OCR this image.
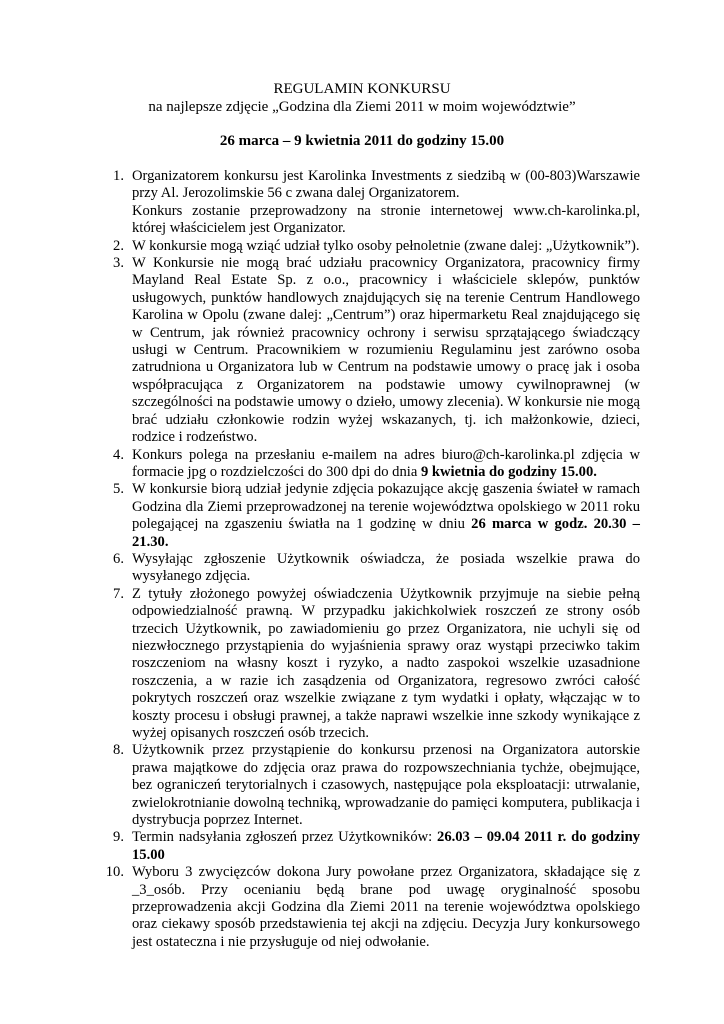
REGULAMIN KONKURSU
na najlepsze zdjęcie „Godzina dla Ziemi 2011 w moim województwie”
26 marca – 9 kwietnia 2011 do godziny 15.00
1. Organizatorem konkursu jest Karolinka Investments z siedzibą w (00-803)Warszawie przy Al. Jerozolimskie 56 c zwana dalej Organizatorem.
Konkurs zostanie przeprowadzony na stronie internetowej www.ch-karolinka.pl, której właścicielem jest Organizator.
2. W konkursie mogą wziąć udział tylko osoby pełnoletnie (zwane dalej: „Użytkownik”).
3. W Konkursie nie mogą brać udziału pracownicy Organizatora, pracownicy firmy Mayland Real Estate Sp. z o.o., pracownicy i właściciele sklepów, punktów usługowych, punktów handlowych znajdujących się na terenie Centrum Handlowego Karolina w Opolu (zwane dalej: „Centrum”) oraz hipermarketu Real znajdującego się w Centrum, jak również pracownicy ochrony i serwisu sprzątającego świadczący usługi w Centrum. Pracownikiem w rozumieniu Regulaminu jest zarówno osoba zatrudniona u Organizatora lub w Centrum na podstawie umowy o pracę jak i osoba współpracująca z Organizatorem na podstawie umowy cywilnoprawnej (w szczególności na podstawie umowy o dzieło, umowy zlecenia). W konkursie nie mogą brać udziału członkowie rodzin wyżej wskazanych, tj. ich małżonkowie, dzieci, rodzice i rodzeństwo.
4. Konkurs polega na przesłaniu e-mailem na adres biuro@ch-karolinka.pl zdjęcia w formacie jpg o rozdzielczości do 300 dpi do dnia 9 kwietnia do godziny 15.00.
5. W konkursie biorą udział jedynie zdjęcia pokazujące akcję gaszenia świateł w ramach Godzina dla Ziemi przeprowadzonej na terenie województwa opolskiego w 2011 roku polegającej na zgaszeniu światła na 1 godzinę w dniu 26 marca w godz. 20.30 – 21.30.
6. Wysyłając zgłoszenie Użytkownik oświadcza, że posiada wszelkie prawa do wysyłanego zdjęcia.
7. Z tytuły złożonego powyżej oświadczenia Użytkownik przyjmuje na siebie pełną odpowiedzialność prawną. W przypadku jakichkolwiek roszczeń ze strony osób trzecich Użytkownik, po zawiadomieniu go przez Organizatora, nie uchyli się od niezwłocznego przystąpienia do wyjaśnienia sprawy oraz wystąpi przeciwko takim roszczeniom na własny koszt i ryzyko, a nadto zaspokoi wszelkie uzasadnione roszczenia, a w razie ich zasądzenia od Organizatora, regresowo zwróci całość pokrytych roszczeń oraz wszelkie związane z tym wydatki i opłaty, włączając w to koszty procesu i obsługi prawnej, a także naprawi wszelkie inne szkody wynikające z wyżej opisanych roszczeń osób trzecich.
8. Użytkownik przez przystąpienie do konkursu przenosi na Organizatora autorskie prawa majątkowe do zdjęcia oraz prawa do rozpowszechniania tychże, obejmujące, bez ograniczeń terytorialnych i czasowych, następujące pola eksploatacji: utrwalanie, zwielokrotnianie dowolną techniką, wprowadzanie do pamięci komputera, publikacja i dystrybucja poprzez Internet.
9. Termin nadsyłania zgłoszeń przez Użytkowników: 26.03 – 09.04 2011 r. do godziny 15.00
10. Wyboru 3 zwycięzców dokona Jury powołane przez Organizatora, składające się z _3_osób. Przy ocenianiu będą brane pod uwagę oryginalność sposobu przeprowadzenia akcji Godzina dla Ziemi 2011 na terenie województwa opolskiego oraz ciekawy sposób przedstawienia tej akcji na zdjęciu. Decyzja Jury konkursowego jest ostateczna i nie przysługuje od niej odwołanie.
